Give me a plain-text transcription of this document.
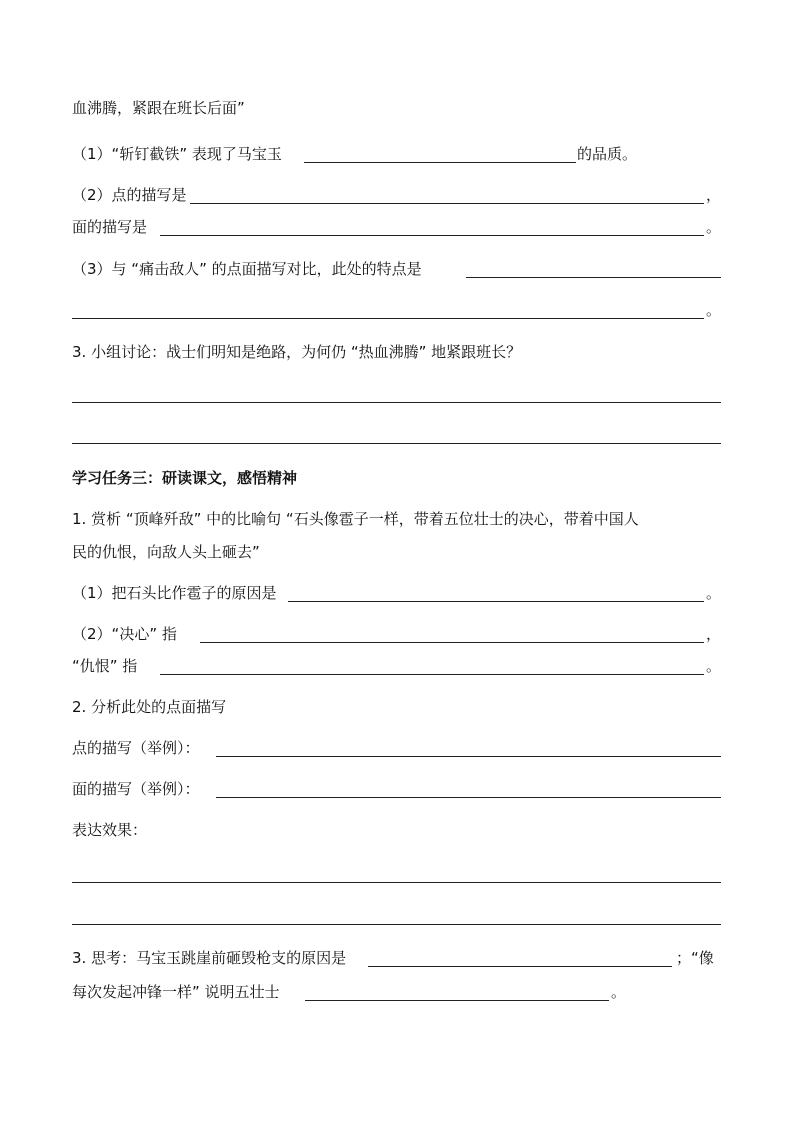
血沸腾，紧跟在班长后面”
（1）“斩钉截铁” 表现了马宝玉	的品质。
（2）点的描写是	，
面的描写是	。
（3）与 “痛击敌人” 的点面描写对比，此处的特点是
。
3. 小组讨论：战士们明知是绝路，为何仍 “热血沸腾” 地紧跟班长？
学习任务三：研读课文，感悟精神
1. 赏析 “顶峰歼敌” 中的比喻句 “石头像雹子一样，带着五位壮士的决心，带着中国人
民的仇恨，向敌人头上砸去”
（1）把石头比作雹子的原因是	。
（2）“决心” 指	，
“仇恨” 指	。
2. 分析此处的点面描写
点的描写（举例）：
面的描写（举例）：
表达效果：
3. 思考：马宝玉跳崖前砸毁枪支的原因是	；“像
每次发起冲锋一样” 说明五壮士	。
